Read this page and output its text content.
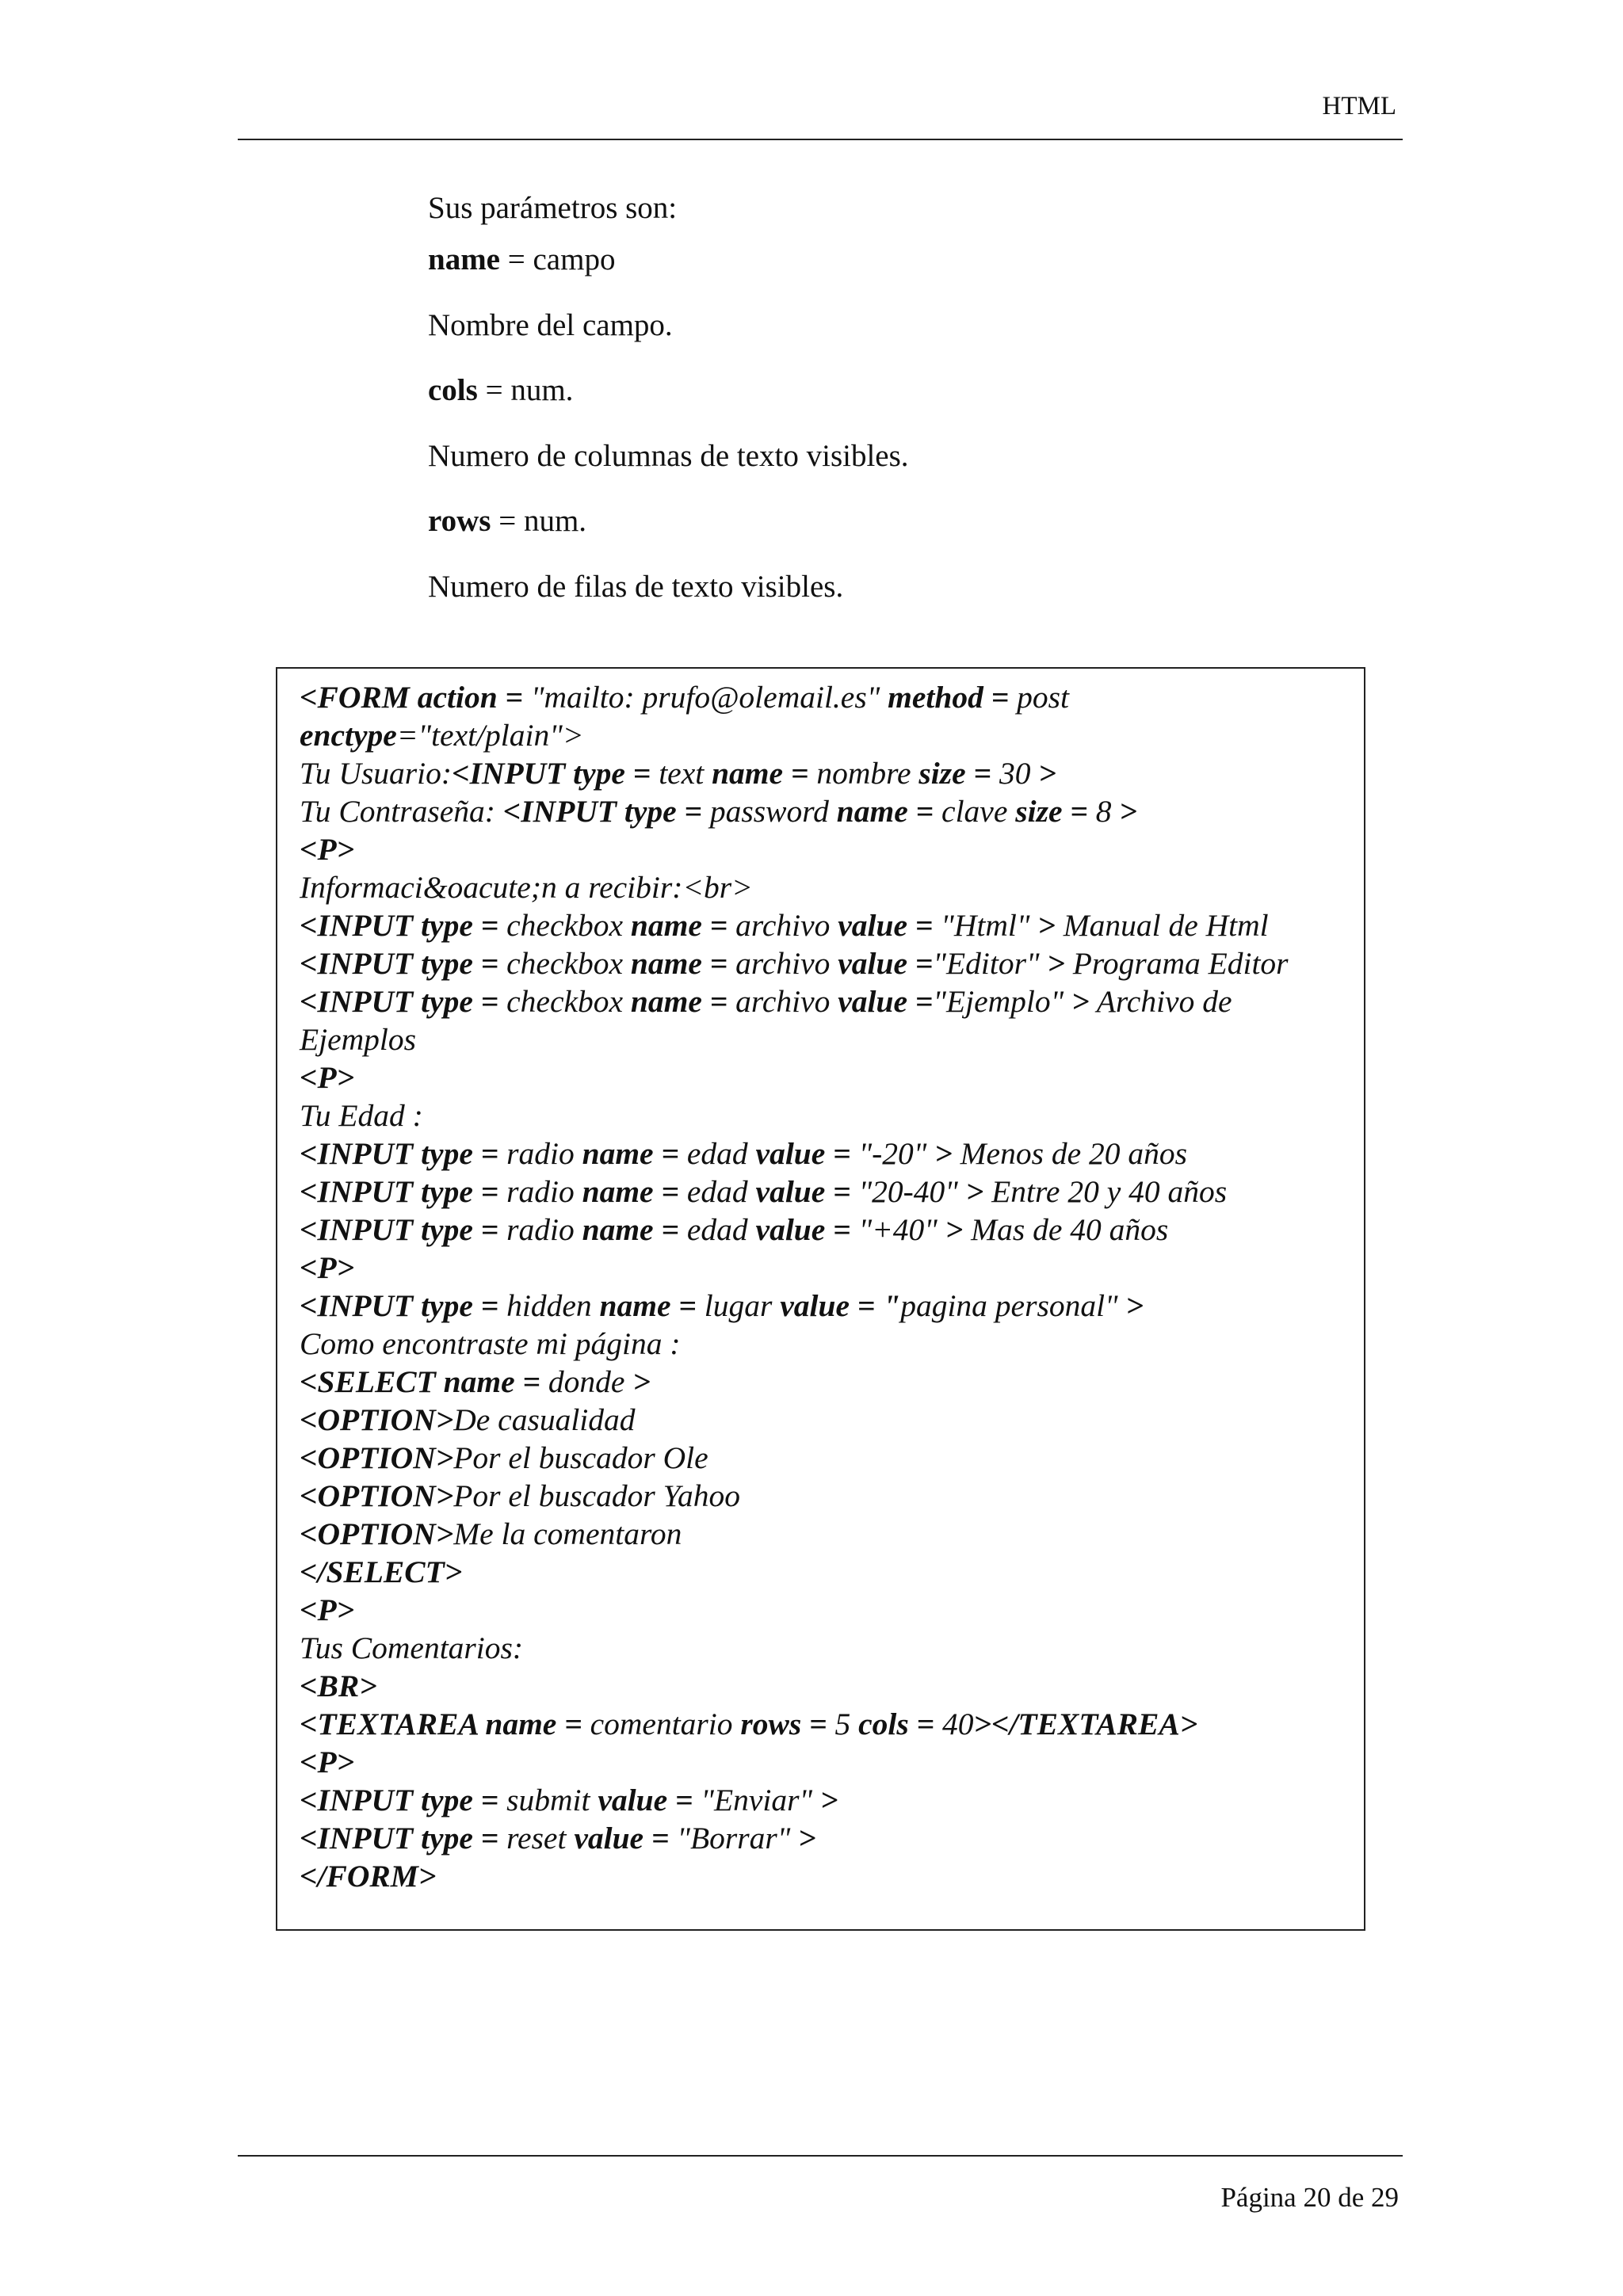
HTML
Sus parámetros son:
name = campo
Nombre del campo.
cols = num.
Numero de columnas de texto visibles.
rows = num.
Numero de filas de texto visibles.
<FORM action = "mailto: prufo@olemail.es" method = post
enctype="text/plain">
Tu Usuario:<INPUT type = text name = nombre size = 30 >
Tu Contraseña: <INPUT type = password name = clave size = 8 >
<P>
Informaci&oacute;n a recibir:<br>
<INPUT type = checkbox name = archivo value = "Html" > Manual de Html
<INPUT type = checkbox name = archivo value ="Editor" > Programa Editor
<INPUT type = checkbox name = archivo value ="Ejemplo" > Archivo de
Ejemplos
<P>
Tu Edad :
<INPUT type = radio name = edad value = "-20" > Menos de 20 años
<INPUT type = radio name = edad value = "20-40" > Entre 20 y 40 años
<INPUT type = radio name = edad value = "+40" > Mas de 40 años
<P>
<INPUT type = hidden name = lugar value = "pagina personal" >
Como encontraste mi página :
<SELECT name = donde >
<OPTION>De casualidad
<OPTION>Por el buscador Ole
<OPTION>Por el buscador Yahoo
<OPTION>Me la comentaron
</SELECT>
<P>
Tus Comentarios:
<BR>
<TEXTAREA name = comentario rows = 5 cols = 40></TEXTAREA>
<P>
<INPUT type = submit value = "Enviar" >
<INPUT type = reset value = "Borrar" >
</FORM>
Página 20 de 29
